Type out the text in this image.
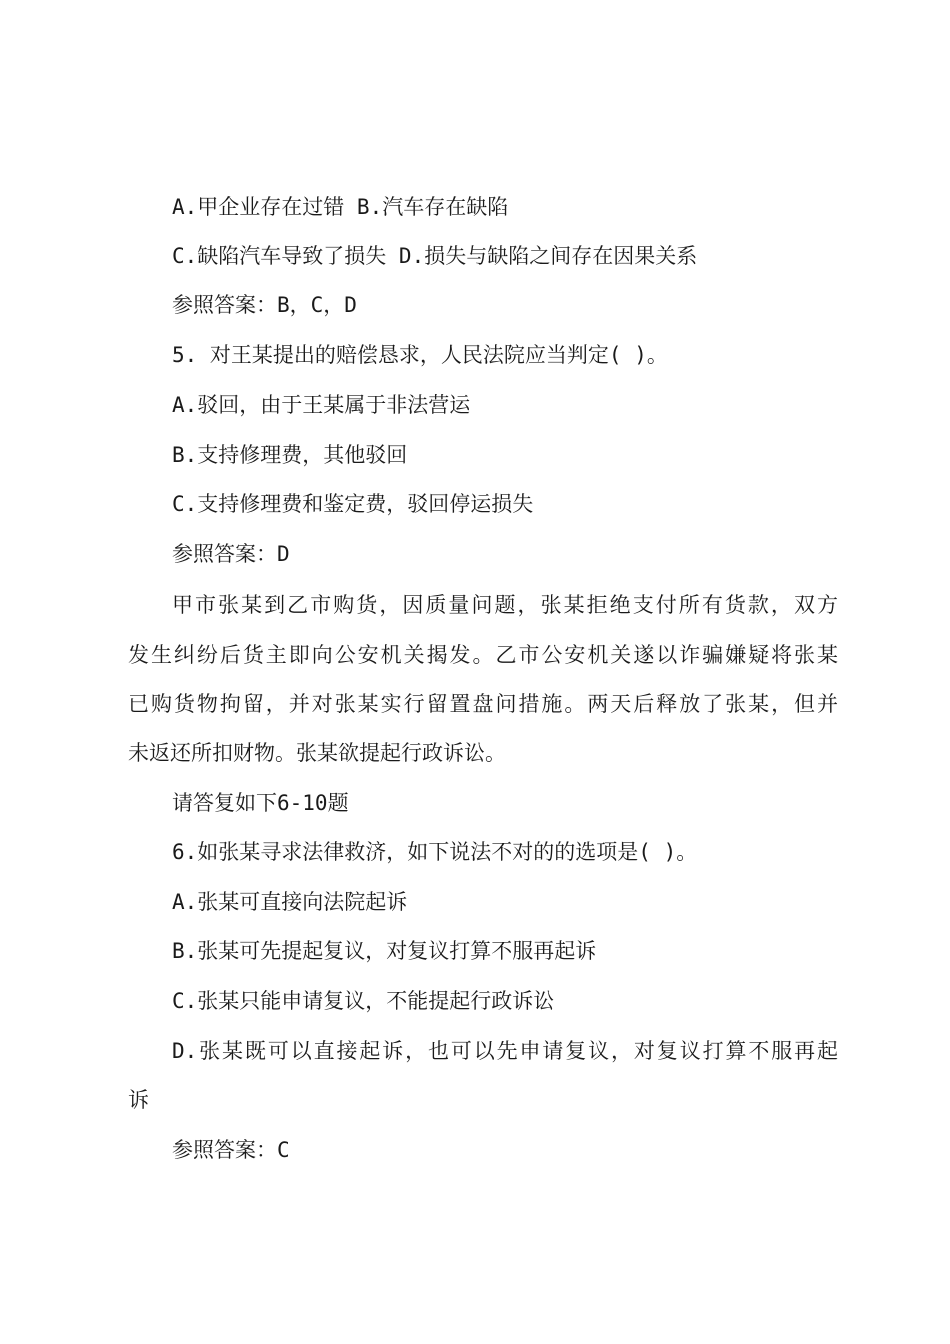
A.甲企业存在过错 B.汽车存在缺陷
C.缺陷汽车导致了损失 D.损失与缺陷之间存在因果关系
参照答案：B，C，D
5. 对王某提出的赔偿恳求，人民法院应当判定( )。
A.驳回，由于王某属于非法营运
B.支持修理费，其他驳回
C.支持修理费和鉴定费，驳回停运损失
参照答案：D
甲市张某到乙市购货，因质量问题，张某拒绝支付所有货款，双方
发生纠纷后货主即向公安机关揭发。乙市公安机关遂以诈骗嫌疑将张某
已购货物拘留，并对张某实行留置盘问措施。两天后释放了张某，但并
未返还所扣财物。张某欲提起行政诉讼。
请答复如下6-10题
6.如张某寻求法律救济，如下说法不对的的选项是( )。
A.张某可直接向法院起诉
B.张某可先提起复议，对复议打算不服再起诉
C.张某只能申请复议，不能提起行政诉讼
D.张某既可以直接起诉，也可以先申请复议，对复议打算不服再起
诉
参照答案：C
